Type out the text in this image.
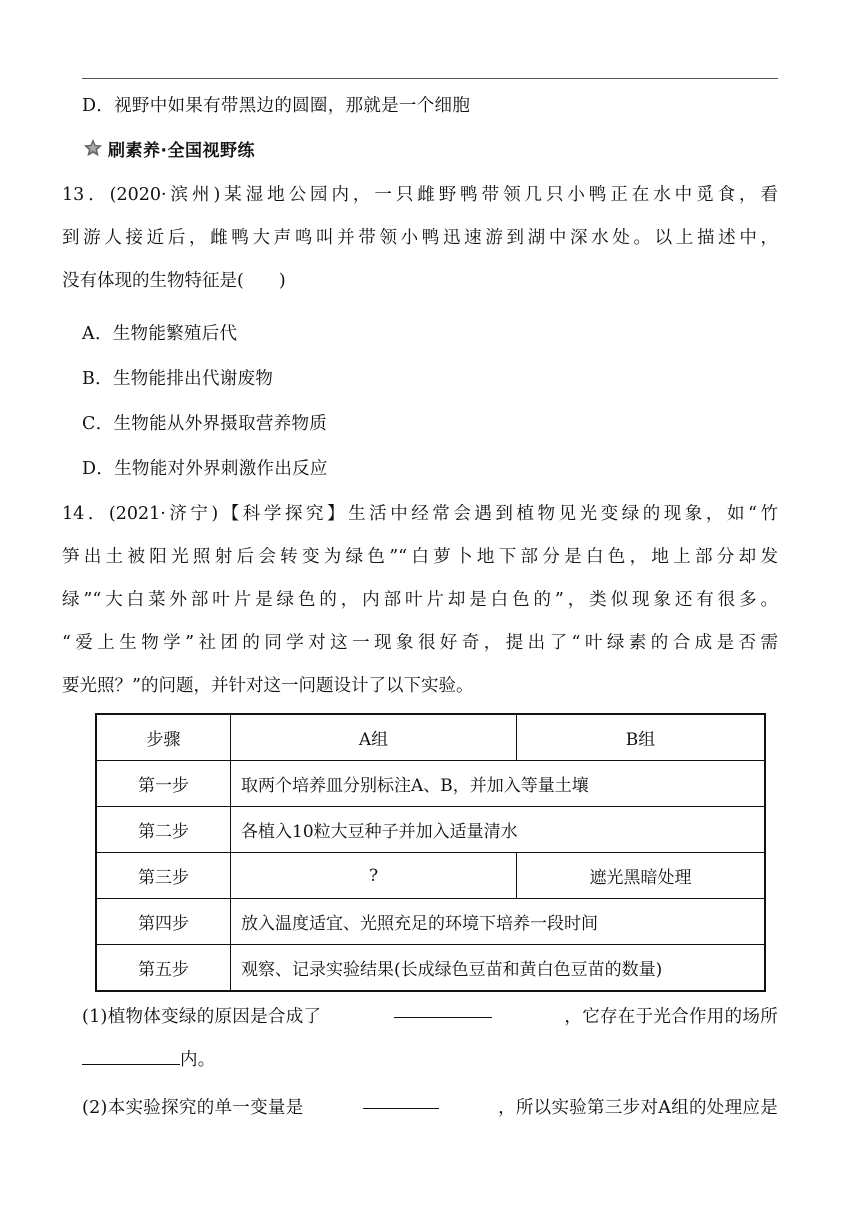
D．视野中如果有带黑边的圆圈，那就是一个细胞
刷素养·全国视野练

13．(2020·滨州)某湿地公园内，一只雌野鸭带领几只小鸭正在水中觅食，看

到游人接近后，雌鸭大声鸣叫并带领小鸭迅速游到湖中深水处。以上描述中，

没有体现的生物特征是(　　)

A．生物能繁殖后代
B．生物能排出代谢废物
C．生物能从外界摄取营养物质
D．生物能对外界刺激作出反应

14．(2021·济宁)【科学探究】生活中经常会遇到植物见光变绿的现象，如“竹

笋出土被阳光照射后会转变为绿色”“白萝卜地下部分是白色，地上部分却发

绿”“大白菜外部叶片是绿色的，内部叶片却是白色的”，类似现象还有很多。

“爱上生物学”社团的同学对这一现象很好奇，提出了“叶绿素的合成是否需

要光照？”的问题，并针对这一问题设计了以下实验。

步骤	A组	B组
第一步	取两个培养皿分别标注A、B，并加入等量土壤	
第二步	各植入10粒大豆种子并加入适量清水	
第三步	?	遮光黑暗处理
第四步	放入温度适宜、光照充足的环境下培养一段时间	
第五步	观察、记录实验结果(长成绿色豆苗和黄白色豆苗的数量)	
(1)植物体变绿的原因是合成了	，它存在于光合作用的场所
内。
(2)本实验探究的单一变量是	，所以实验第三步对A组的处理应是
